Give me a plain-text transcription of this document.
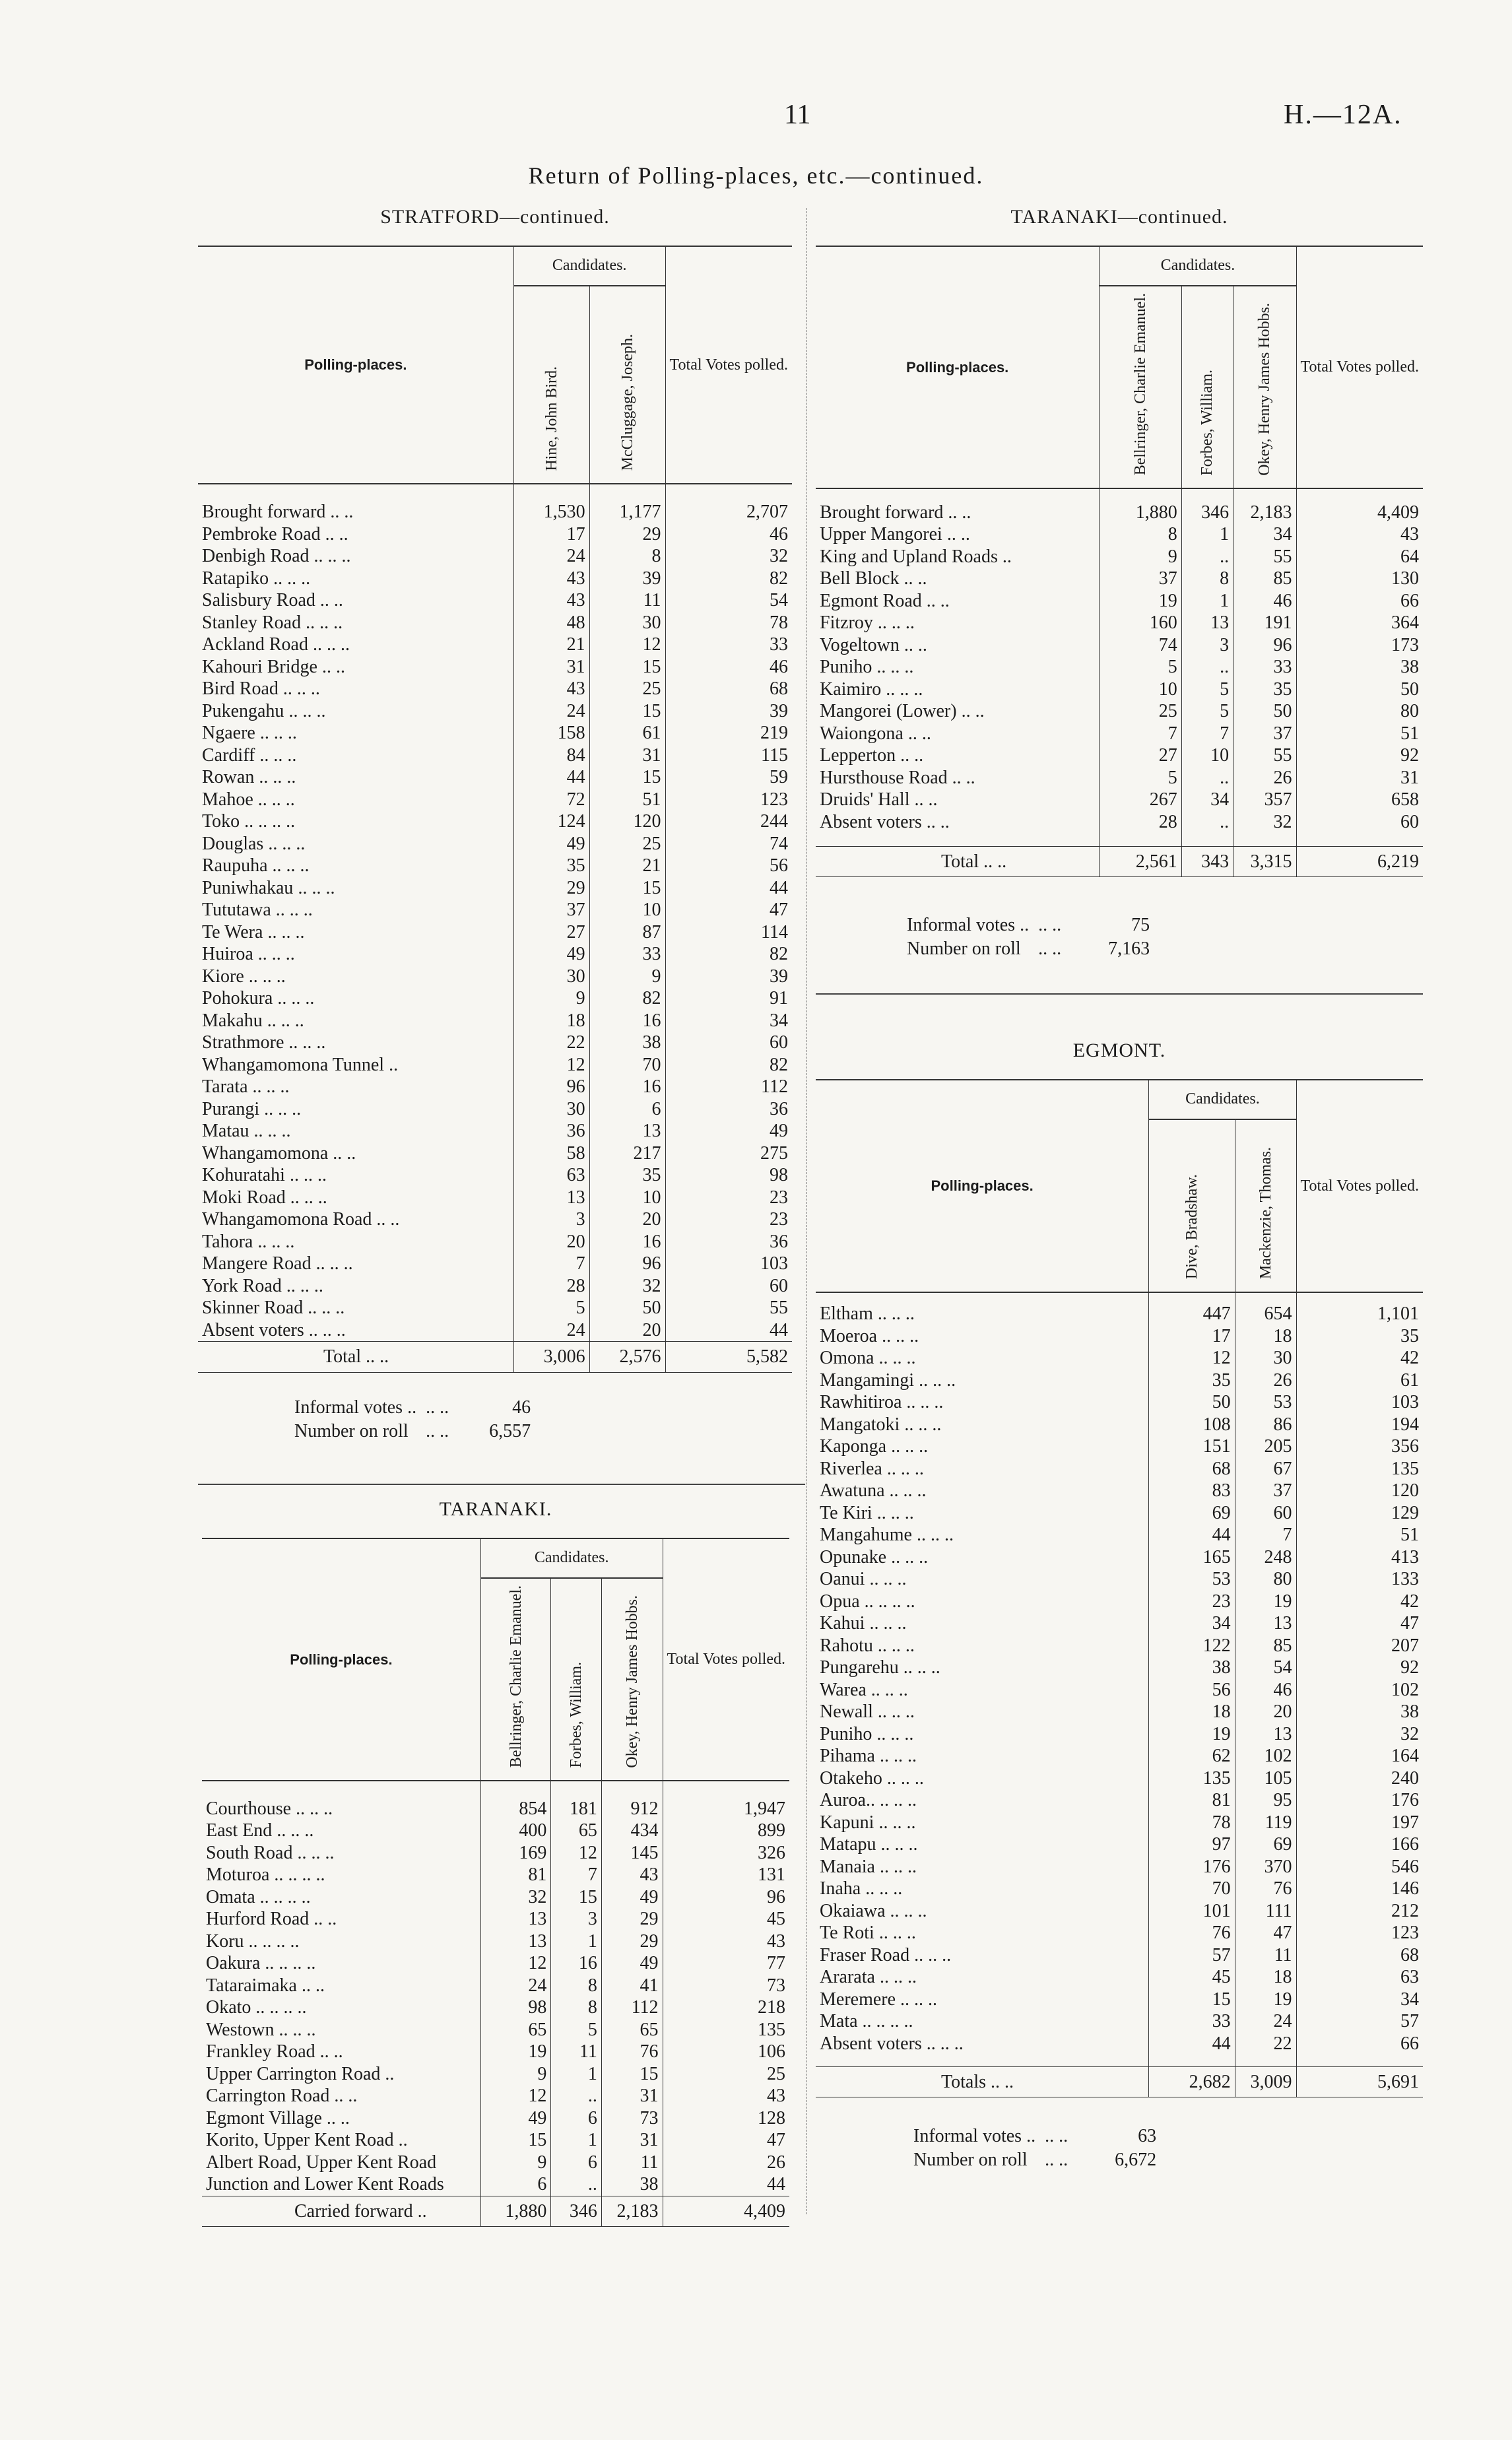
11	H.—12A.
Return of Polling-places, etc.—continued.
STRATFORD—continued.
Polling-places.	Candidates.		Total Votes polled.
	Hine, John Bird.	McCluggage, Joseph.	

Brought forward .. ..	1,530	1,177	2,707
Pembroke Road .. ..	17	29	46
Denbigh Road .. .. ..	24	8	32
Ratapiko .. .. ..	43	39	82
Salisbury Road .. ..	43	11	54
Stanley Road .. .. ..	48	30	78
Ackland Road .. .. ..	21	12	33
Kahouri Bridge .. ..	31	15	46
Bird Road .. .. ..	43	25	68
Pukengahu .. .. ..	24	15	39
Ngaere .. .. ..	158	61	219
Cardiff .. .. ..	84	31	115
Rowan .. .. ..	44	15	59
Mahoe .. .. ..	72	51	123
Toko .. .. .. ..	124	120	244
Douglas .. .. ..	49	25	74
Raupuha .. .. ..	35	21	56
Puniwhakau .. .. ..	29	15	44
Tututawa .. .. ..	37	10	47
Te Wera .. .. ..	27	87	114
Huiroa .. .. ..	49	33	82
Kiore .. .. ..	30	9	39
Pohokura .. .. ..	9	82	91
Makahu .. .. ..	18	16	34
Strathmore .. .. ..	22	38	60
Whangamomona Tunnel ..	12	70	82
Tarata .. .. ..	96	16	112
Purangi .. .. ..	30	6	36
Matau .. .. ..	36	13	49
Whangamomona .. ..	58	217	275
Kohuratahi .. .. ..	63	35	98
Moki Road .. .. ..	13	10	23
Whangamomona Road .. ..	3	20	23
Tahora .. .. ..	20	16	36
Mangere Road .. .. ..	7	96	103
York Road .. .. ..	28	32	60
Skinner Road .. .. ..	5	50	55
Absent voters .. .. ..	24	20	44
Total .. ..	3,006	2,576	5,582
Informal votes ..	.. ..	46
Number on roll	.. ..	6,557
TARANAKI.
Polling-places.	Candidates.			Total Votes polled.
	Bellringer, Charlie Emanuel.	Forbes, William.	Okey, Henry James Hobbs.	

Courthouse .. .. ..	854	181	912	1,947
East End .. .. ..	400	65	434	899
South Road .. .. ..	169	12	145	326
Moturoa .. .. .. ..	81	7	43	131
Omata .. .. .. ..	32	15	49	96
Hurford Road .. ..	13	3	29	45
Koru .. .. .. ..	13	1	29	43
Oakura .. .. .. ..	12	16	49	77
Tataraimaka .. ..	24	8	41	73
Okato .. .. .. ..	98	8	112	218
Westown .. .. ..	65	5	65	135
Frankley Road .. ..	19	11	76	106
Upper Carrington Road ..	9	1	15	25
Carrington Road .. ..	12	..	31	43
Egmont Village .. ..	49	6	73	128
Korito, Upper Kent Road ..	15	1	31	47
Albert Road, Upper Kent Road	9	6	11	26
Junction and Lower Kent Roads	6	..	38	44
Carried forward ..	1,880	346	2,183	4,409
TARANAKI—continued.
Polling-places.	Candidates.			Total Votes polled.
	Bellringer, Charlie Emanuel.	Forbes, William.	Okey, Henry James Hobbs.	

Brought forward .. ..	1,880	346	2,183	4,409
Upper Mangorei .. ..	8	1	34	43
King and Upland Roads ..	9	..	55	64
Bell Block .. ..	37	8	85	130
Egmont Road .. ..	19	1	46	66
Fitzroy .. .. ..	160	13	191	364
Vogeltown .. ..	74	3	96	173
Puniho .. .. ..	5	..	33	38
Kaimiro .. .. ..	10	5	35	50
Mangorei (Lower) .. ..	25	5	50	80
Waiongona .. ..	7	7	37	51
Lepperton .. ..	27	10	55	92
Hursthouse Road .. ..	5	..	26	31
Druids' Hall .. ..	267	34	357	658
Absent voters .. ..	28	..	32	60

Total .. ..	2,561	343	3,315	6,219
Informal votes ..	.. ..	75
Number on roll	.. ..	7,163
EGMONT.
Polling-places.	Candidates.		Total Votes polled.
	Dive, Bradshaw.	Mackenzie, Thomas.	

Eltham .. .. ..	447	654	1,101
Moeroa .. .. ..	17	18	35
Omona .. .. ..	12	30	42
Mangamingi .. .. ..	35	26	61
Rawhitiroa .. .. ..	50	53	103
Mangatoki .. .. ..	108	86	194
Kaponga .. .. ..	151	205	356
Riverlea .. .. ..	68	67	135
Awatuna .. .. ..	83	37	120
Te Kiri .. .. ..	69	60	129
Mangahume .. .. ..	44	7	51
Opunake .. .. ..	165	248	413
Oanui .. .. ..	53	80	133
Opua .. .. .. ..	23	19	42
Kahui .. .. ..	34	13	47
Rahotu .. .. ..	122	85	207
Pungarehu .. .. ..	38	54	92
Warea .. .. ..	56	46	102
Newall .. .. ..	18	20	38
Puniho .. .. ..	19	13	32
Pihama .. .. ..	62	102	164
Otakeho .. .. ..	135	105	240
Auroa.. .. .. ..	81	95	176
Kapuni .. .. ..	78	119	197
Matapu .. .. ..	97	69	166
Manaia .. .. ..	176	370	546
Inaha .. .. ..	70	76	146
Okaiawa .. .. ..	101	111	212
Te Roti .. .. ..	76	47	123
Fraser Road .. .. ..	57	11	68
Ararata .. .. ..	45	18	63
Meremere .. .. ..	15	19	34
Mata .. .. .. ..	33	24	57
Absent voters .. .. ..	44	22	66

Totals .. ..	2,682	3,009	5,691
Informal votes ..	.. ..	63
Number on roll	.. ..	6,672
